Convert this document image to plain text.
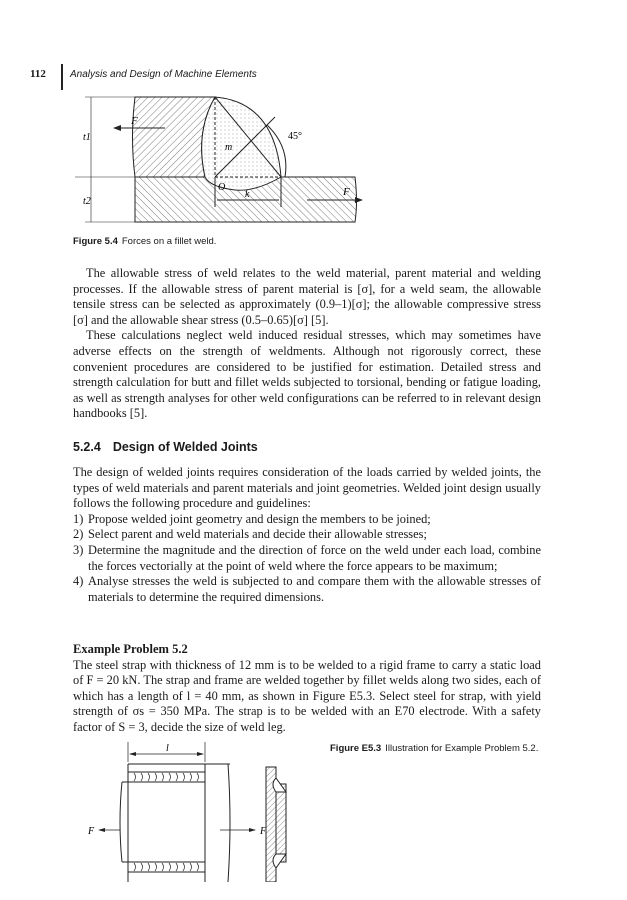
112 Analysis and Design of Machine Elements
F
F
t1
t2
m
45°
O
k
Figure 5.4 Forces on a fillet weld.

The allowable stress of weld relates to the weld material, parent material and welding processes. If the allowable stress of parent material is [σ], for a weld seam, the allowable tensile stress can be selected as approximately (0.9–1)[σ]; the allowable compressive stress [σ] and the allowable shear stress (0.5–0.65)[σ] [5].

These calculations neglect weld induced residual stresses, which may sometimes have adverse effects on the strength of weldments. Although not rigorously correct, these convenient procedures are considered to be justified for estimation. Detailed stress and strength calculation for butt and fillet welds subjected to torsional, bending or fatigue loading, as well as strength analyses for other weld configurations can be referred to in relevant design handbooks [5].

5.2.4 Design of Welded Joints
The design of welded joints requires consideration of the loads carried by welded joints, the types of weld materials and parent materials and joint geometries. Welded joint design usually follows the following procedure and guidelines:
1) Propose welded joint geometry and design the members to be joined;
2) Select parent and weld materials and decide their allowable stresses;
3) Determine the magnitude and the direction of force on the weld under each load, combine the forces vectorially at the point of weld where the force appears to be maximum;
4) Analyse stresses the weld is subjected to and compare them with the allowable stresses of materials to determine the required dimensions.
Example Problem 5.2
The steel strap with thickness of 12 mm is to be welded to a rigid frame to carry a static load of F = 20 kN. The strap and frame are welded together by fillet welds along two sides, each of which has a length of l = 40 mm, as shown in Figure E5.3. Select steel for strap, with yield strength of σs = 350 MPa. The strap is to be welded with an E70 electrode. With a safety factor of S = 3, decide the size of weld leg.
l
F	F
Figure E5.3 Illustration for Example Problem 5.2.
